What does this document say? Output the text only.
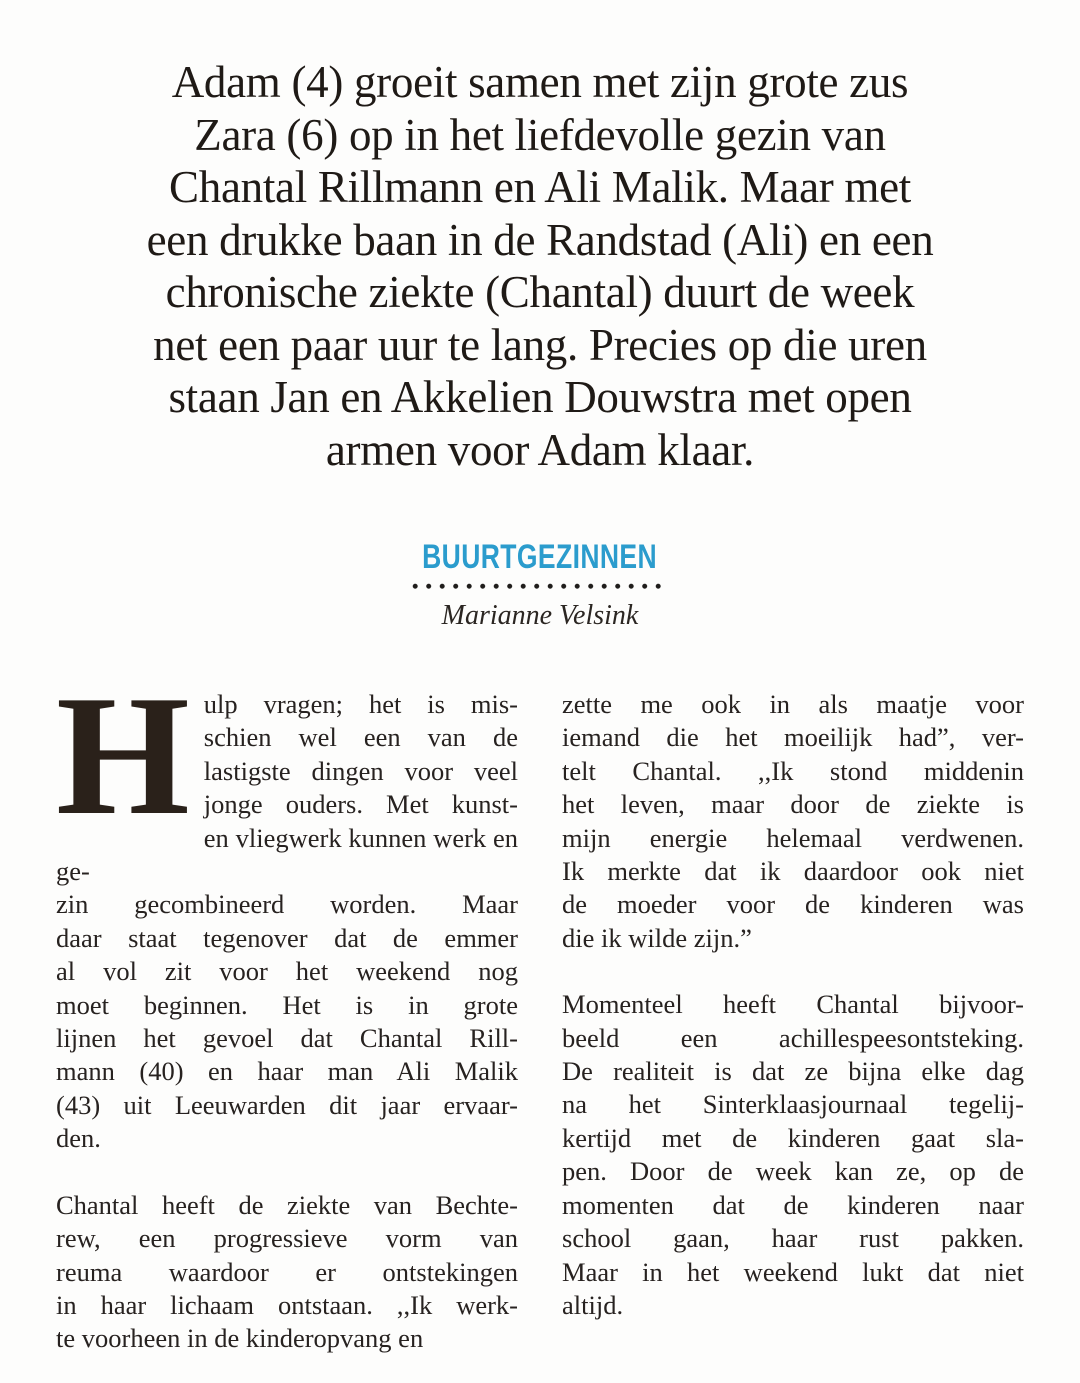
Adam (4) groeit samen met zijn grote zus
Zara (6) op in het liefdevolle gezin van
Chantal Rillmann en Ali Malik. Maar met
een drukke baan in de Randstad (Ali) en een
chronische ziekte (Chantal) duurt de week
net een paar uur te lang. Precies op die uren
staan Jan en Akkelien Douwstra met open
armen voor Adam klaar.
BUURTGEZINNEN
Marianne Velsink
H ulp vragen; het is mis-
schien wel een van de
lastigste dingen voor veel
jonge ouders. Met kunst-
en vliegwerk kunnen werk en ge-
zin gecombineerd worden. Maar
daar staat tegenover dat de emmer
al vol zit voor het weekend nog
moet beginnen. Het is in grote
lijnen het gevoel dat Chantal Rill-
mann (40) en haar man Ali Malik
(43) uit Leeuwarden dit jaar ervaar-
den.
Chantal heeft de ziekte van Bechte-
rew, een progressieve vorm van
reuma waardoor er ontstekingen
in haar lichaam ontstaan. ,,Ik werk-
te voorheen in de kinderopvang en
zette me ook in als maatje voor
iemand die het moeilijk had”, ver-
telt Chantal. ,,Ik stond middenin
het leven, maar door de ziekte is
mijn energie helemaal verdwenen.
Ik merkte dat ik daardoor ook niet
de moeder voor de kinderen was
die ik wilde zijn.”
Momenteel heeft Chantal bijvoor-
beeld een achillespeesontsteking.
De realiteit is dat ze bijna elke dag
na het Sinterklaasjournaal tegelij-
kertijd met de kinderen gaat sla-
pen. Door de week kan ze, op de
momenten dat de kinderen naar
school gaan, haar rust pakken.
Maar in het weekend lukt dat niet
altijd.
